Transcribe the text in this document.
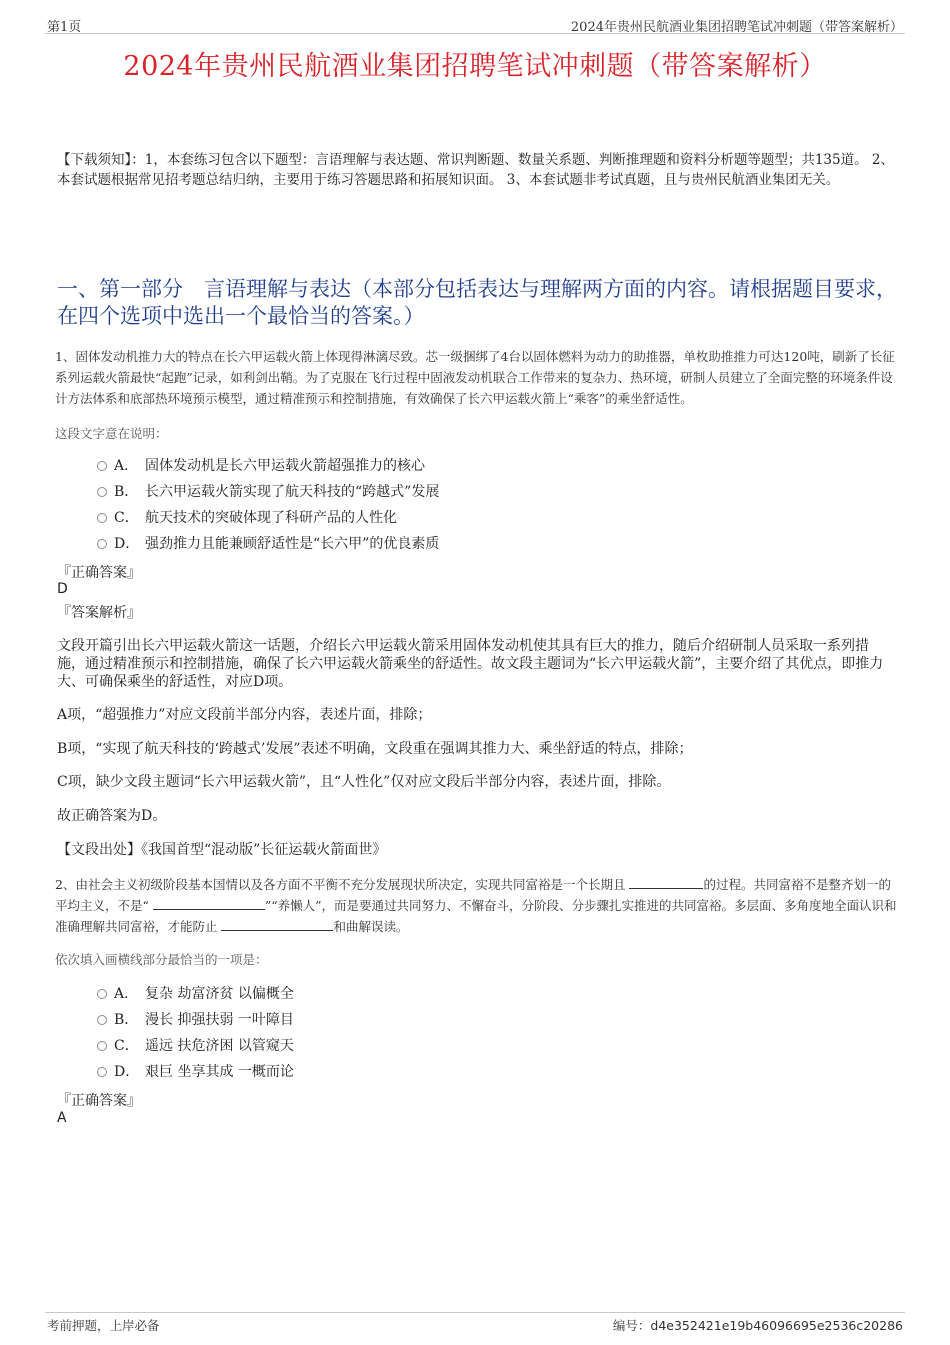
第1页	2024年贵州民航酒业集团招聘笔试冲刺题（带答案解析）
2024年贵州民航酒业集团招聘笔试冲刺题（带答案解析）
【下载须知】：1，本套练习包含以下题型：言语理解与表达题、常识判断题、数量关系题、判断推理题和资料分析题等题型；共135道。 2、本套试题根据常见招考题总结归纳，主要用于练习答题思路和拓展知识面。 3、本套试题非考试真题，且与贵州民航酒业集团无关。
一、第一部分　言语理解与表达（本部分包括表达与理解两方面的内容。请根据题目要求，在四个选项中选出一个最恰当的答案。）
1、固体发动机推力大的特点在长六甲运载火箭上体现得淋漓尽致。芯一级捆绑了4台以固体燃料为动力的助推器，单枚助推推力可达120吨，刷新了长征系列运载火箭最快“起跑”记录，如利剑出鞘。为了克服在飞行过程中固液发动机联合工作带来的复杂力、热环境，研制人员建立了全面完整的环境条件设计方法体系和底部热环境预示模型，通过精准预示和控制措施，有效确保了长六甲运载火箭上“乘客”的乘坐舒适性。
这段文字意在说明：
A． 固体发动机是长六甲运载火箭超强推力的核心
B． 长六甲运载火箭实现了航天科技的“跨越式”发展
C． 航天技术的突破体现了科研产品的人性化
D． 强劲推力且能兼顾舒适性是“长六甲”的优良素质
『正确答案』
D
『答案解析』
文段开篇引出长六甲运载火箭这一话题，介绍长六甲运载火箭采用固体发动机使其具有巨大的推力，随后介绍研制人员采取一系列措施，通过精准预示和控制措施，确保了长六甲运载火箭乘坐的舒适性。故文段主题词为“长六甲运载火箭”，主要介绍了其优点，即推力大、可确保乘坐的舒适性，对应D项。
A项，“超强推力”对应文段前半部分内容，表述片面，排除；
B项，“实现了航天科技的‘跨越式’发展”表述不明确，文段重在强调其推力大、乘坐舒适的特点，排除；
C项，缺少文段主题词“长六甲运载火箭”，且“人性化”仅对应文段后半部分内容，表述片面，排除。
故正确答案为D。
【文段出处】《我国首型“混动版”长征运载火箭面世》
2、由社会主义初级阶段基本国情以及各方面不平衡不充分发展现状所决定，实现共同富裕是一个长期且	的过程。共同富裕不是整齐划一的平均主义，不是“	”“养懒人”，而是要通过共同努力、不懈奋斗，分阶段、分步骤扎实推进的共同富裕。多层面、多角度地全面认识和准确理解共同富裕，才能防止	和曲解误读。
依次填入画横线部分最恰当的一项是：
A． 复杂 劫富济贫 以偏概全
B． 漫长 抑强扶弱 一叶障目
C． 遥远 扶危济困 以管窥天
D． 艰巨 坐享其成 一概而论
『正确答案』
A
考前押题，上岸必备	编号：d4e352421e19b46096695e2536c20286
